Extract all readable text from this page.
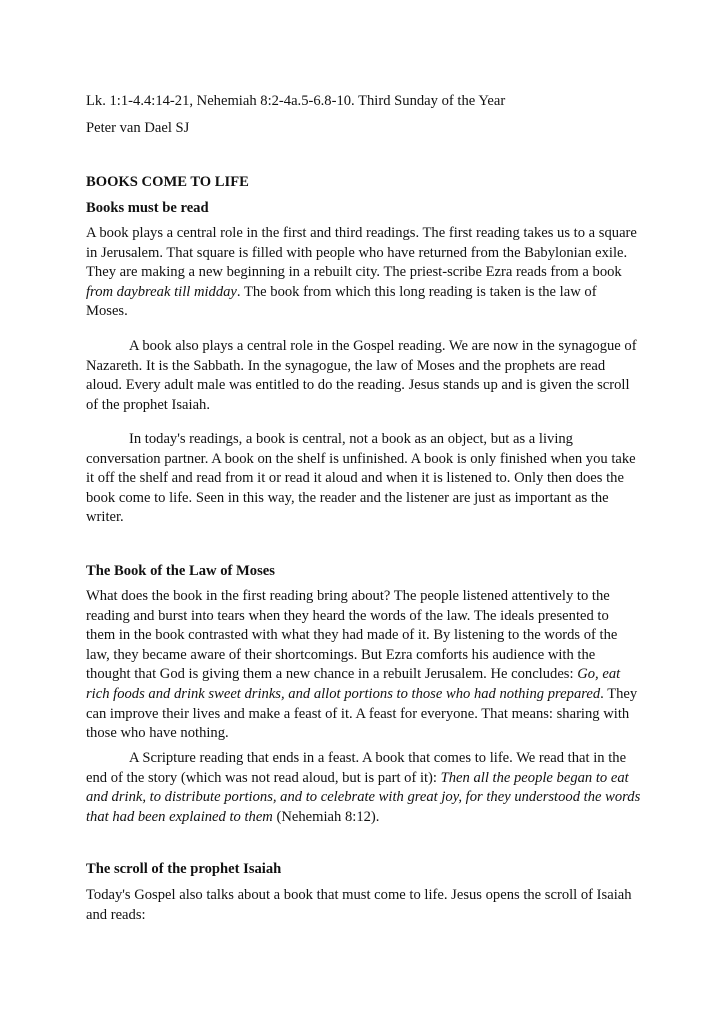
Lk. 1:1-4.4:14-21, Nehemiah 8:2-4a.5-6.8-10. Third Sunday of the Year
Peter van Dael SJ
BOOKS COME TO LIFE
Books must be read
A book plays a central role in the first and third readings. The first reading takes us to a square in Jerusalem. That square is filled with people who have returned from the Babylonian exile. They are making a new beginning in a rebuilt city. The priest-scribe Ezra reads from a book from daybreak till midday. The book from which this long reading is taken is the law of Moses.
A book also plays a central role in the Gospel reading. We are now in the synagogue of Nazareth. It is the Sabbath. In the synagogue, the law of Moses and the prophets are read aloud. Every adult male was entitled to do the reading. Jesus stands up and is given the scroll of the prophet Isaiah.
In today's readings, a book is central, not a book as an object, but as a living conversation partner. A book on the shelf is unfinished. A book is only finished when you take it off the shelf and read from it or read it aloud and when it is listened to. Only then does the book come to life. Seen in this way, the reader and the listener are just as important as the writer.
The Book of the Law of Moses
What does the book in the first reading bring about? The people listened attentively to the reading and burst into tears when they heard the words of the law. The ideals presented to them in the book contrasted with what they had made of it. By listening to the words of the law, they became aware of their shortcomings. But Ezra comforts his audience with the thought that God is giving them a new chance in a rebuilt Jerusalem. He concludes: Go, eat rich foods and drink sweet drinks, and allot portions to those who had nothing prepared. They can improve their lives and make a feast of it. A feast for everyone. That means: sharing with those who have nothing.
A Scripture reading that ends in a feast. A book that comes to life. We read that in the end of the story (which was not read aloud, but is part of it): Then all the people began to eat and drink, to distribute portions, and to celebrate with great joy, for they understood the words that had been explained to them (Nehemiah 8:12).
The scroll of the prophet Isaiah
Today's Gospel also talks about a book that must come to life. Jesus opens the scroll of Isaiah and reads:
